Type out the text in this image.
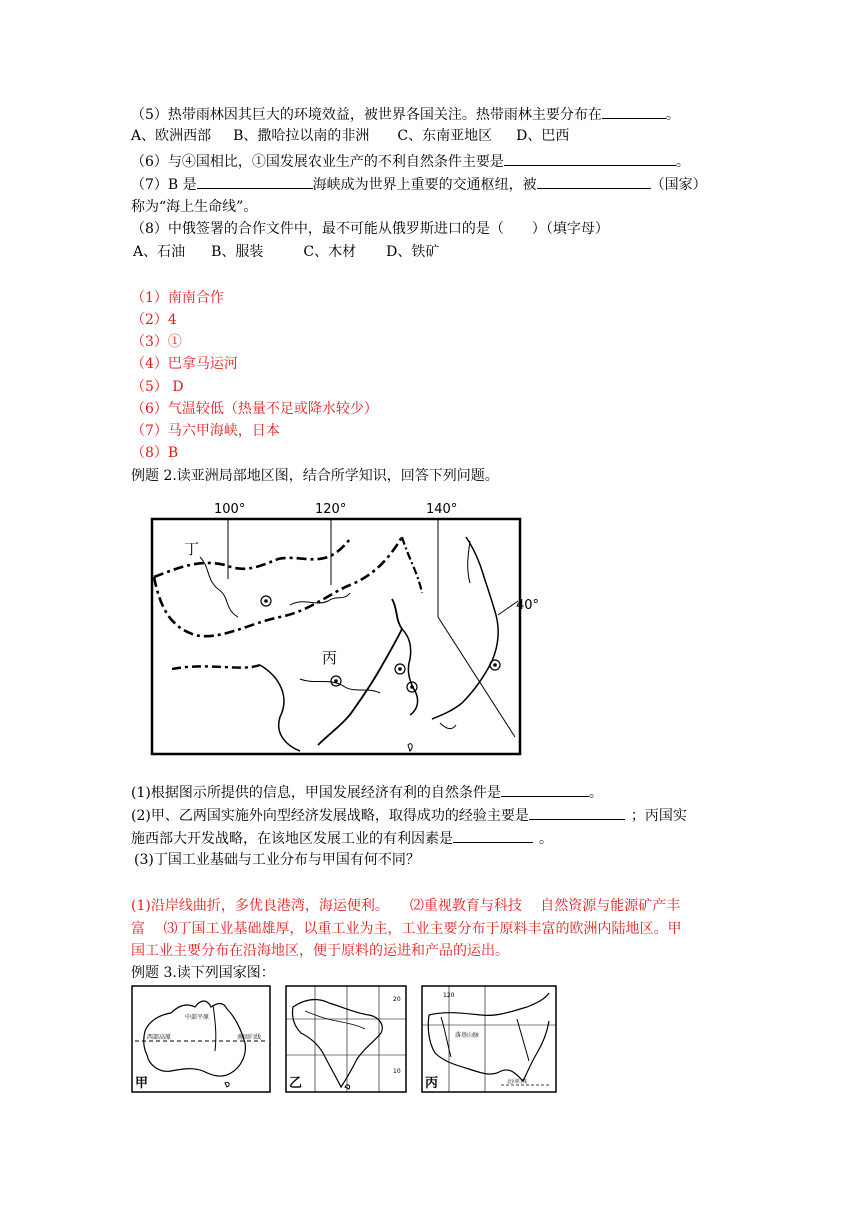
（5）热带雨林因其巨大的环境效益，被世界各国关注。热带雨林主要分布在	。
A、欧洲西部 B、撒哈拉以南的非洲 C、东南亚地区 D、巴西
（6）与④国相比，①国发展农业生产的不利自然条件主要是	。
（7）B 是	海峡成为世界上重要的交通枢纽，被	（国家）
称为“海上生命线”。
（8）中俄签署的合作文件中，最不可能从俄罗斯进口的是（　　）（填字母）
A、石油 B、服装	C、木材 D、铁矿
（1）南南合作
（2）4
（3）①
（4）巴拿马运河
（5） D
（6）气温较低（热量不足或降水较少）
（7）马六甲海峡，日本
（8）B
例题 2.读亚洲局部地区图，结合所学知识，回答下列问题。
100°	120°	140°
40°
丁
丙
(1)根据图示所提供的信息，甲国发展经济有利的自然条件是	。
(2)甲、乙两国实施外向型经济发展战略，取得成功的经验主要是	；丙国实
施西部大开发战略，在该地区发展工业的有利因素是	。
(3)丁国工业基础与工业分布与甲国有何不同？
(1)沿岸线曲折，多优良港湾，海运便利。　　⑵重视教育与科技　 自然资源与能源矿产丰
富　 ⑶丁国工业基础雄厚，以重工业为主，工业主要分布于原料丰富的欧洲内陆地区。甲
国工业主要分布在沿海地区，便于原料的运进和产品的运出。
例题 3.读下列国家图：
西部高原
中部平原
南回归线
甲
20
10
乙
120
落基山脉
北回归线
丙
